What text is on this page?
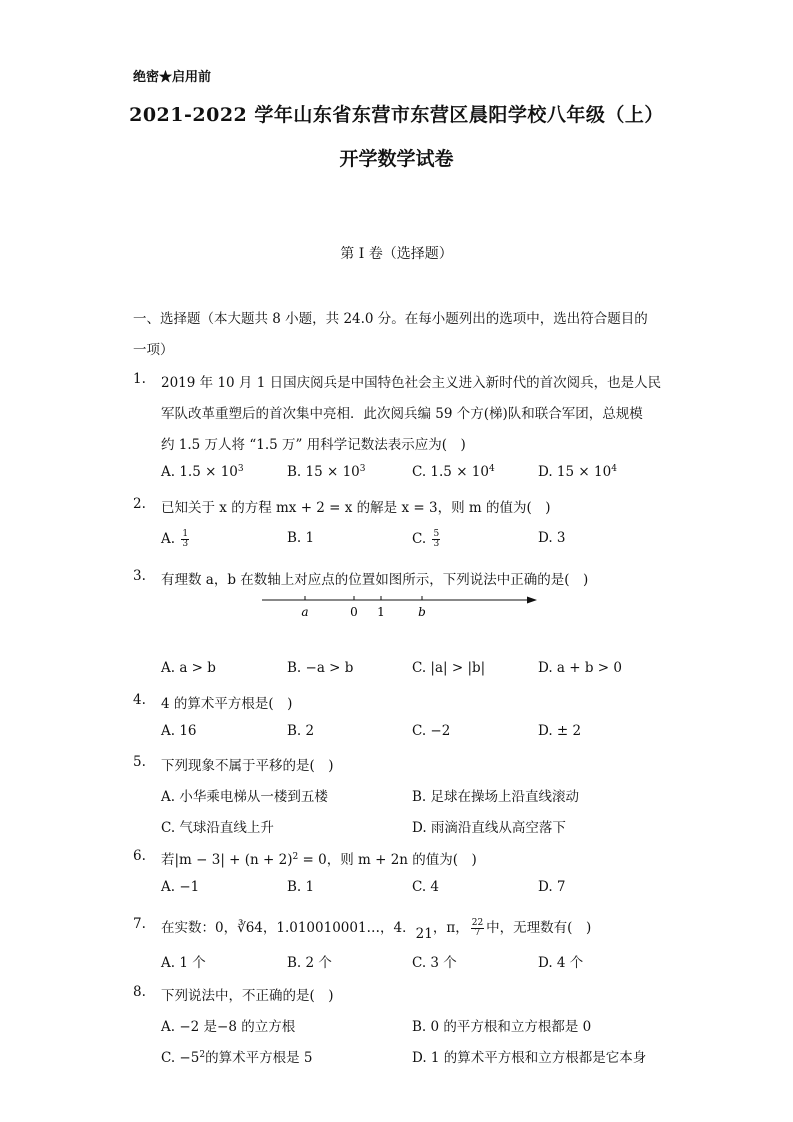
绝密★启用前
2021-2022 学年山东省东营市东营区晨阳学校八年级（上）
开学数学试卷
第 I 卷（选择题）
一、选择题（本大题共 8 小题，共 24.0 分。在每小题列出的选项中，选出符合题目的
一项）
1. 2019 年 10 月 1 日国庆阅兵是中国特色社会主义进入新时代的首次阅兵，也是人民
军队改革重塑后的首次集中亮相．此次阅兵编 59 个方(梯)队和联合军团，总规模
约 1.5 万人将 “1.5 万” 用科学记数法表示应为(　)
A. $1.5 \times 10^3$	B. $15 \times 10^3$	C. $1.5 \times 10^4$	D. $15 \times 10^4$
2. 已知关于 x 的方程 mx + 2 = x 的解是 x = 3，则 m 的值为(　)
A. $\frac{1}{3}$	B. 1	C. $\frac{5}{3}$	D. 3
3. 有理数 a，b 在数轴上对应点的位置如图所示，下列说法中正确的是(　)
a	0 1	b
A. a > b	B. −a > b	C. |a| > |b|	D. a + b > 0
4. 4 的算术平方根是(　)
A. 16	B. 2	C. −2	D. ± 2
5. 下列现象不属于平移的是(　)
A. 小华乘电梯从一楼到五楼	B. 足球在操场上沿直线滚动
C. 气球沿直线上升	D. 雨滴沿直线从高空落下
6. 若$|m - 3| + (n + 2)^2 = 0$，则 m + 2n 的值为(　)
A. −1	B. 1	C. 4	D. 7
7. 在实数：0，∛64，1.010010001…，4．21，π， $\frac{22}{7}$ 中，无理数有(　)
A. 1 个	B. 2 个	C. 3 个	D. 4 个
8. 下列说法中，不正确的是(　)
A. −2 是−8 的立方根	B. 0 的平方根和立方根都是 0
C. $-5^2$的算术平方根是 5	D. 1 的算术平方根和立方根都是它本身
